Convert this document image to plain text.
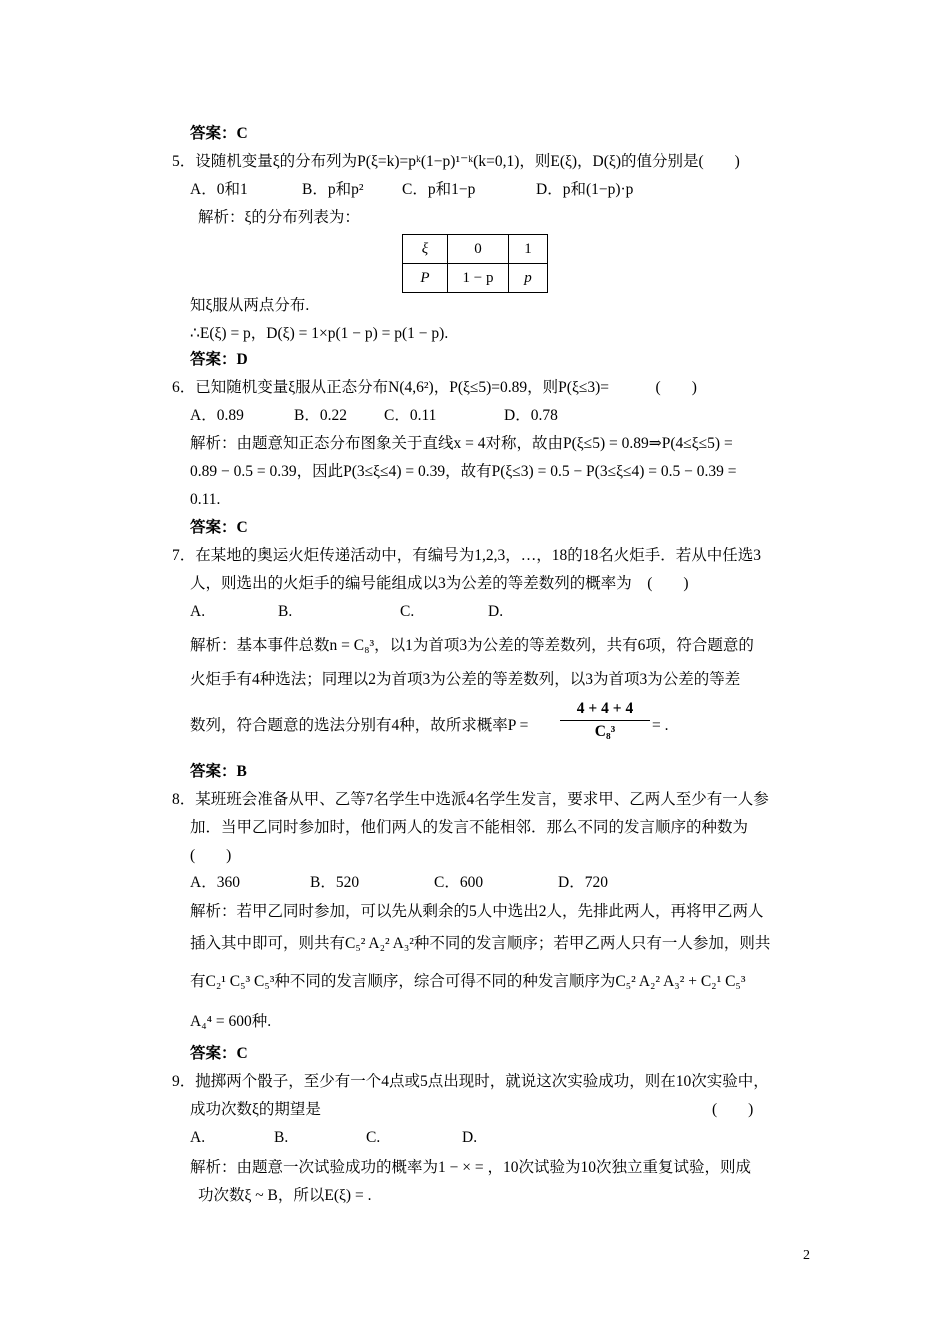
答案：C
5．设随机变量ξ的分布列为P(ξ=k)=pᵏ(1−p)¹⁻ᵏ(k=0,1)，则E(ξ)，D(ξ)的值分别是(　　)
A．0和1	B．p和p² C．p和1−p	D．p和(1−p)·p
解析：ξ的分布列表为：
ξ	0	1
P	1 − p	p
知ξ服从两点分布.
∴E(ξ) = p，D(ξ) = 1×p(1 − p) = p(1 − p).
答案：D
6．已知随机变量ξ服从正态分布N(4,6²)，P(ξ≤5)=0.89，则P(ξ≤3)=　　　(　　)
A．0.89	B．0.22 C．0.11	D．0.78
解析：由题意知正态分布图象关于直线x = 4对称，故由P(ξ≤5) = 0.89⇒P(4≤ξ≤5) =
0.89 − 0.5 = 0.39，因此P(3≤ξ≤4) = 0.39，故有P(ξ≤3) = 0.5 − P(3≤ξ≤4) = 0.5 − 0.39 =
0.11.
答案：C
7．在某地的奥运火炬传递活动中，有编号为1,2,3，…，18的18名火炬手．若从中任选3
人，则选出的火炬手的编号能组成以3为公差的等差数列的概率为　(　　)
A.	B.	C.	D.
解析：基本事件总数n = C₈³，以1为首项3为公差的等差数列，共有6项，符合题意的
火炬手有4种选法；同理以2为首项3为公差的等差数列，以3为首项3为公差的等差
数列，符合题意的选法分别有4种，故所求概率$P = \frac{4 + 4 + 4}{\text{C₈³}}$ = .
答案：B
8．某班班会准备从甲、乙等7名学生中选派4名学生发言，要求甲、乙两人至少有一人参
加．当甲乙同时参加时，他们两人的发言不能相邻．那么不同的发言顺序的种数为
(　　)
A．360	B．520	C．600	D．720
解析：若甲乙同时参加，可以先从剩余的5人中选出2人，先排此两人，再将甲乙两人
插入其中即可，则共有C₅² A₂² A₃²种不同的发言顺序；若甲乙两人只有一人参加，则共
有C₂¹ C₅³ C₅³种不同的发言顺序，综合可得不同的种发言顺序为C₅² A₂² A₃² + C₂¹ C₅³
A₄⁴ = 600种.
答案：C
9．抛掷两个骰子，至少有一个4点或5点出现时，就说这次实验成功，则在10次实验中，
成功次数ξ的期望是	(　　)
A.	B.	C.	D.
解析：由题意一次试验成功的概率为1 − × = ，10次试验为10次独立重复试验，则成
功次数ξ ~ B，所以E(ξ) = .
2
